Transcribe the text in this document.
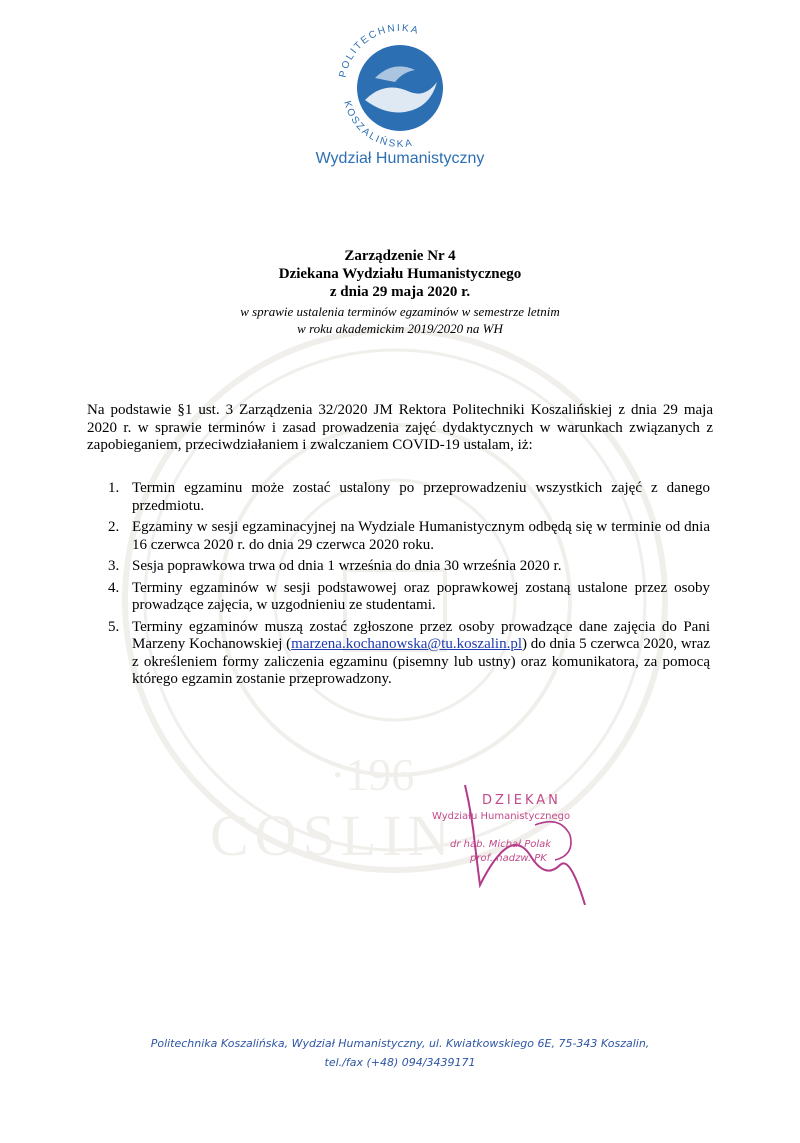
·196
COSLIN
POLITECHNIKA
KOSZALIŃSKA
Wydział Humanistyczny
Zarządzenie Nr 4
Dziekana Wydziału Humanistycznego
z dnia 29 maja 2020 r.
w sprawie ustalenia terminów egzaminów w semestrze letnim
w roku akademickim 2019/2020 na WH

Na podstawie §1 ust. 3 Zarządzenia 32/2020 JM Rektora Politechniki Koszalińskiej z dnia 29 maja 2020 r. w sprawie terminów i zasad prowadzenia zajęć dydaktycznych w warunkach związanych z zapobieganiem, przeciwdziałaniem i zwalczaniem COVID-19 ustalam, iż:

1. Termin egzaminu może zostać ustalony po przeprowadzeniu wszystkich zajęć z danego przedmiotu.
2. Egzaminy w sesji egzaminacyjnej na Wydziale Humanistycznym odbędą się w terminie od dnia 16 czerwca 2020 r. do dnia 29 czerwca 2020 roku.
3. Sesja poprawkowa trwa od dnia 1 września do dnia 30 września 2020 r.
4. Terminy egzaminów w sesji podstawowej oraz poprawkowej zostaną ustalone przez osoby prowadzące zajęcia, w uzgodnieniu ze studentami.
5. Terminy egzaminów muszą zostać zgłoszone przez osoby prowadzące dane zajęcia do Pani Marzeny Kochanowskiej (marzena.kochanowska@tu.koszalin.pl) do dnia 5 czerwca 2020, wraz z określeniem formy zaliczenia egzaminu (pisemny lub ustny) oraz komunikatora, za pomocą którego egzamin zostanie przeprowadzony.
DZIEKAN
Wydziału Humanistycznego
dr hab. Michał Polak
prof. nadzw. PK
Politechnika Koszalińska, Wydział Humanistyczny, ul. Kwiatkowskiego 6E, 75-343 Koszalin,
tel./fax (+48) 094/3439171
